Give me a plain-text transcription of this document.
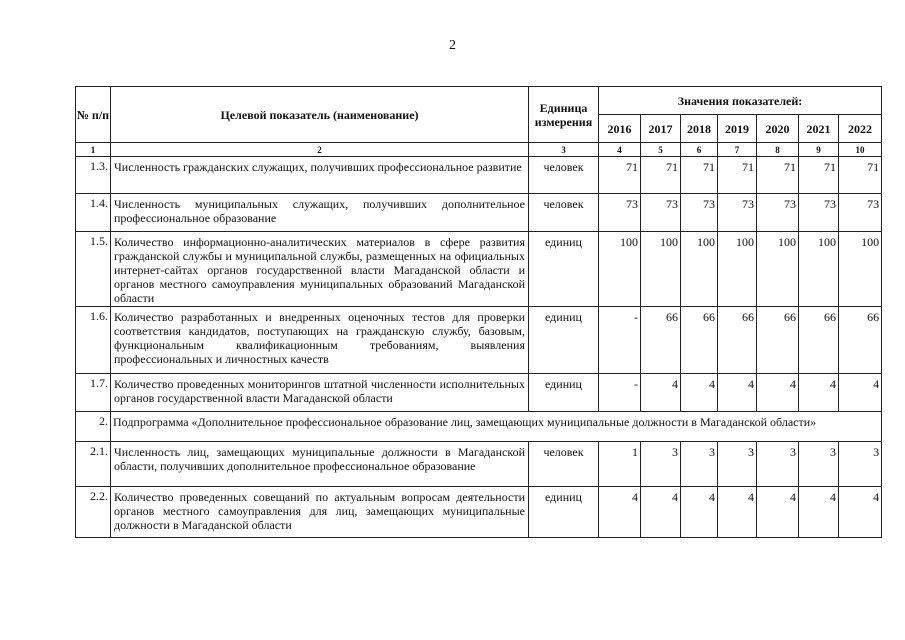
2
№ п/п	Целевой показатель (наименование)	Единица измерения	Значения показателей:						
			2016	2017	2018	2019	2020	2021	2022
1	2	3	4	5	6	7	8	9	10
1.3.	Численность гражданских служащих, получивших профессиональное развитие	человек	71	71	71	71	71	71	71
1.4.	Численность муниципальных служащих, получивших дополнительное профессиональное образование	человек	73	73	73	73	73	73	73
1.5.	Количество информационно-аналитических материалов в сфере развития гражданской службы и муниципальной службы, размещенных на официальных интернет-сайтах органов государственной власти Магаданской области и органов местного самоуправления муниципальных образований Магаданской области	единиц	100	100	100	100	100	100	100
1.6.	Количество разработанных и внедренных оценочных тестов для проверки соответствия кандидатов, поступающих на гражданскую службу, базовым, функциональным квалификационным требованиям, выявления профессиональных и личностных качеств	единиц	-	66	66	66	66	66	66
1.7.	Количество проведенных мониторингов штатной численности исполнительных органов государственной власти Магаданской области	единиц	-	4	4	4	4	4	4
2.	Подпрограмма «Дополнительное профессиональное образование лиц, замещающих муниципальные должности в Магаданской области»								
2.1.	Численность лиц, замещающих муниципальные должности в Магаданской области, получивших дополнительное профессиональное образование	человек	1	3	3	3	3	3	3
2.2.	Количество проведенных совещаний по актуальным вопросам деятельности органов местного самоуправления для лиц, замещающих муниципальные должности в Магаданской области	единиц	4	4	4	4	4	4	4
